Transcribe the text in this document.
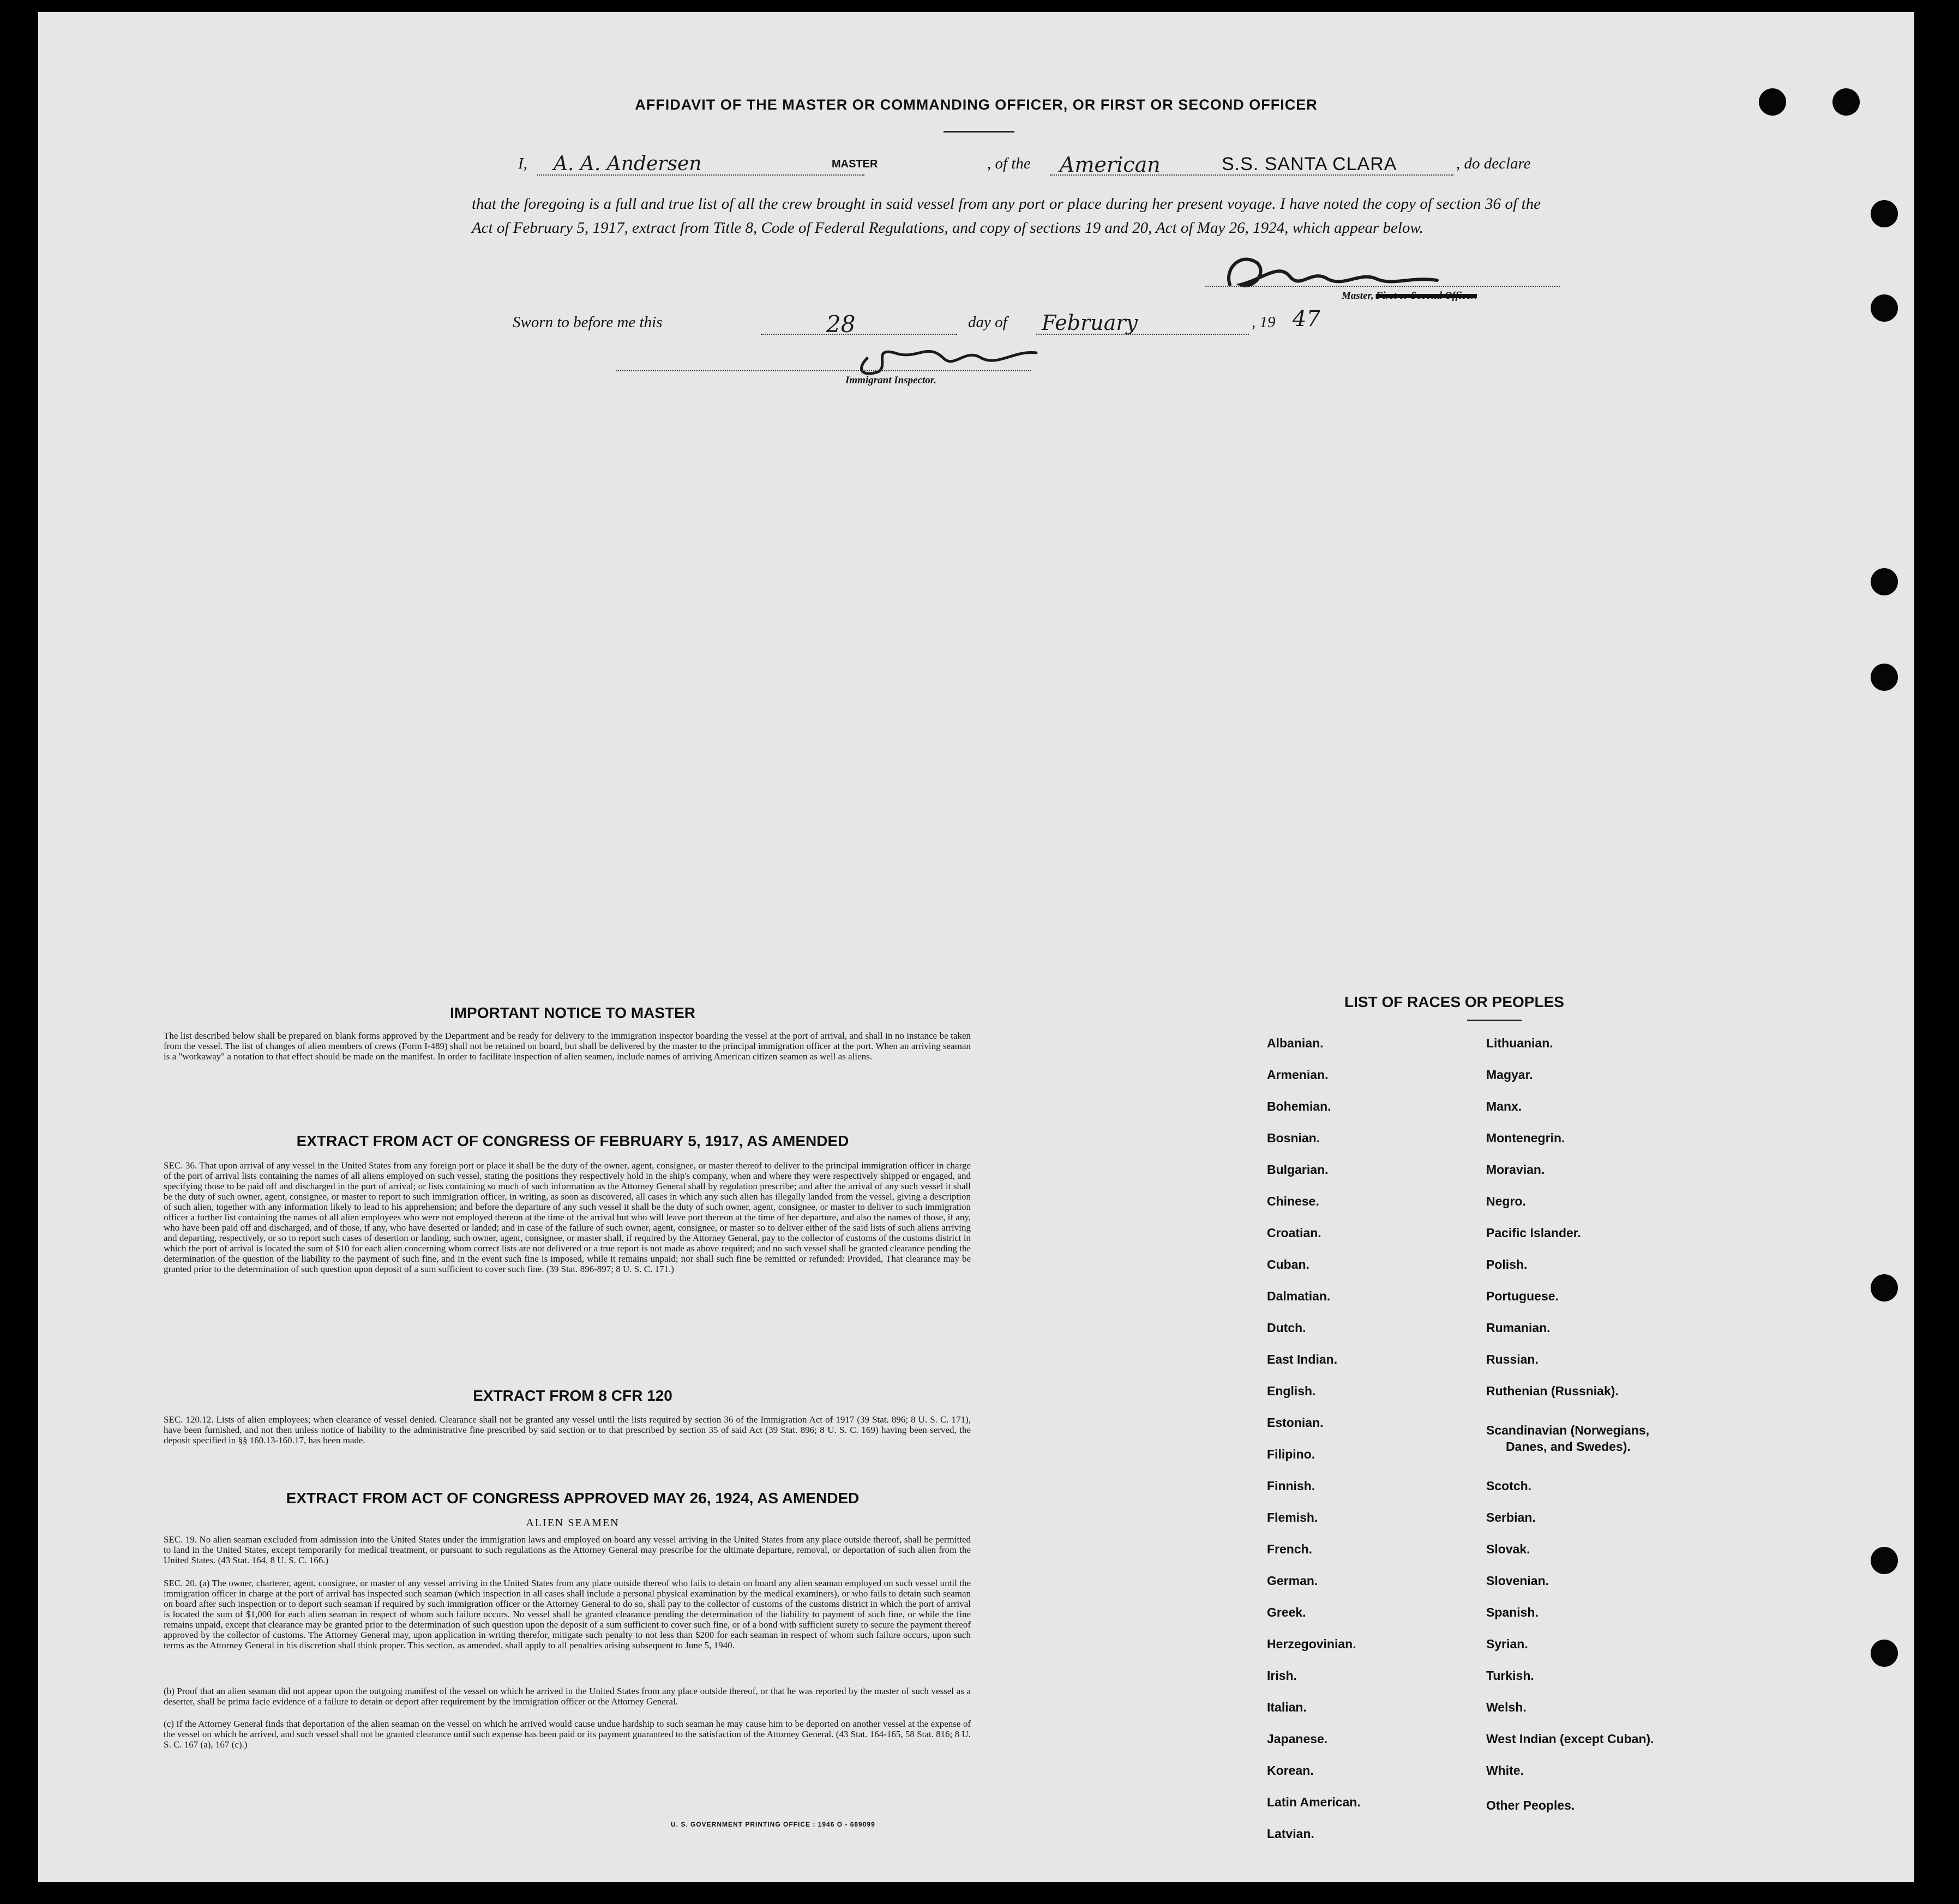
AFFIDAVIT OF THE MASTER OR COMMANDING OFFICER, OR FIRST OR SECOND OFFICER
I,	A. A. Andersen	MASTER	, of the	American	S.S. SANTA CLARA	, do declare
that the foregoing is a full and true list of all the crew brought in said vessel from any port or place during her present voyage. I have noted the copy of section 36 of the Act of February 5, 1917, extract from Title 8, Code of Federal Regulations, and copy of sections 19 and 20, Act of May 26, 1924, which appear below.
Master, First or Second Officer.
Sworn to before me this	28	day of February	, 19 47
Immigrant Inspector.
IMPORTANT NOTICE TO MASTER
The list described below shall be prepared on blank forms approved by the Department and be ready for delivery to the immigration inspector boarding the vessel at the port of arrival, and shall in no instance be taken from the vessel. The list of changes of alien members of crews (Form I-489) shall not be retained on board, but shall be delivered by the master to the principal immigration officer at the port. When an arriving seaman is a "workaway" a notation to that effect should be made on the manifest. In order to facilitate inspection of alien seamen, include names of arriving American citizen seamen as well as aliens.
EXTRACT FROM ACT OF CONGRESS OF FEBRUARY 5, 1917, AS AMENDED
SEC. 36. That upon arrival of any vessel in the United States from any foreign port or place it shall be the duty of the owner, agent, consignee, or master thereof to deliver to the principal immigration officer in charge of the port of arrival lists containing the names of all aliens employed on such vessel, stating the positions they respectively hold in the ship's company, when and where they were respectively shipped or engaged, and specifying those to be paid off and discharged in the port of arrival; or lists containing so much of such information as the Attorney General shall by regulation prescribe; and after the arrival of any such vessel it shall be the duty of such owner, agent, consignee, or master to report to such immigration officer, in writing, as soon as discovered, all cases in which any such alien has illegally landed from the vessel, giving a description of such alien, together with any information likely to lead to his apprehension; and before the departure of any such vessel it shall be the duty of such owner, agent, consignee, or master to deliver to such immigration officer a further list containing the names of all alien employees who were not employed thereon at the time of the arrival but who will leave port thereon at the time of her departure, and also the names of those, if any, who have been paid off and discharged, and of those, if any, who have deserted or landed; and in case of the failure of such owner, agent, consignee, or master so to deliver either of the said lists of such aliens arriving and departing, respectively, or so to report such cases of desertion or landing, such owner, agent, consignee, or master shall, if required by the Attorney General, pay to the collector of customs of the customs district in which the port of arrival is located the sum of $10 for each alien concerning whom correct lists are not delivered or a true report is not made as above required; and no such vessel shall be granted clearance pending the determination of the question of the liability to the payment of such fine, and in the event such fine is imposed, while it remains unpaid; nor shall such fine be remitted or refunded: Provided, That clearance may be granted prior to the determination of such question upon deposit of a sum sufficient to cover such fine. (39 Stat. 896-897; 8 U. S. C. 171.)
EXTRACT FROM 8 CFR 120
SEC. 120.12. Lists of alien employees; when clearance of vessel denied. Clearance shall not be granted any vessel until the lists required by section 36 of the Immigration Act of 1917 (39 Stat. 896; 8 U. S. C. 171), have been furnished, and not then unless notice of liability to the administrative fine prescribed by said section or to that prescribed by section 35 of said Act (39 Stat. 896; 8 U. S. C. 169) having been served, the deposit specified in §§ 160.13-160.17, has been made.
EXTRACT FROM ACT OF CONGRESS APPROVED MAY 26, 1924, AS AMENDED
ALIEN SEAMEN
SEC. 19. No alien seaman excluded from admission into the United States under the immigration laws and employed on board any vessel arriving in the United States from any place outside thereof, shall be permitted to land in the United States, except temporarily for medical treatment, or pursuant to such regulations as the Attorney General may prescribe for the ultimate departure, removal, or deportation of such alien from the United States. (43 Stat. 164, 8 U. S. C. 166.)
SEC. 20. (a) The owner, charterer, agent, consignee, or master of any vessel arriving in the United States from any place outside thereof who fails to detain on board any alien seaman employed on such vessel until the immigration officer in charge at the port of arrival has inspected such seaman (which inspection in all cases shall include a personal physical examination by the medical examiners), or who fails to detain such seaman on board after such inspection or to deport such seaman if required by such immigration officer or the Attorney General to do so, shall pay to the collector of customs of the customs district in which the port of arrival is located the sum of $1,000 for each alien seaman in respect of whom such failure occurs. No vessel shall be granted clearance pending the determination of the liability to payment of such fine, or while the fine remains unpaid, except that clearance may be granted prior to the determination of such question upon the deposit of a sum sufficient to cover such fine, or of a bond with sufficient surety to secure the payment thereof approved by the collector of customs. The Attorney General may, upon application in writing therefor, mitigate such penalty to not less than $200 for each seaman in respect of whom such failure occurs, upon such terms as the Attorney General in his discretion shall think proper. This section, as amended, shall apply to all penalties arising subsequent to June 5, 1940.
(b) Proof that an alien seaman did not appear upon the outgoing manifest of the vessel on which he arrived in the United States from any place outside thereof, or that he was reported by the master of such vessel as a deserter, shall be prima facie evidence of a failure to detain or deport after requirement by the immigration officer or the Attorney General.
(c) If the Attorney General finds that deportation of the alien seaman on the vessel on which he arrived would cause undue hardship to such seaman he may cause him to be deported on another vessel at the expense of the vessel on which he arrived, and such vessel shall not be granted clearance until such expense has been paid or its payment guaranteed to the satisfaction of the Attorney General. (43 Stat. 164-165, 58 Stat. 816; 8 U. S. C. 167 (a), 167 (c).)
U. S. GOVERNMENT PRINTING OFFICE : 1946 O - 689099
LIST OF RACES OR PEOPLES
Albanian.
Armenian.
Bohemian.
Bosnian.
Bulgarian.
Chinese.
Croatian.
Cuban.
Dalmatian.
Dutch.
East Indian.
English.
Estonian.
Filipino.
Finnish.
Flemish.
French.
German.
Greek.
Herzegovinian.
Irish.
Italian.
Japanese.
Korean.
Latin American.
Latvian.
Lithuanian.
Magyar.
Manx.
Montenegrin.
Moravian.
Negro.
Pacific Islander.
Polish.
Portuguese.
Rumanian.
Russian.
Ruthenian (Russniak).
Scandinavian (Norwegians,
Danes, and Swedes).
Scotch.
Serbian.
Slovak.
Slovenian.
Spanish.
Syrian.
Turkish.
Welsh.
West Indian (except Cuban).
White.
Other Peoples.
